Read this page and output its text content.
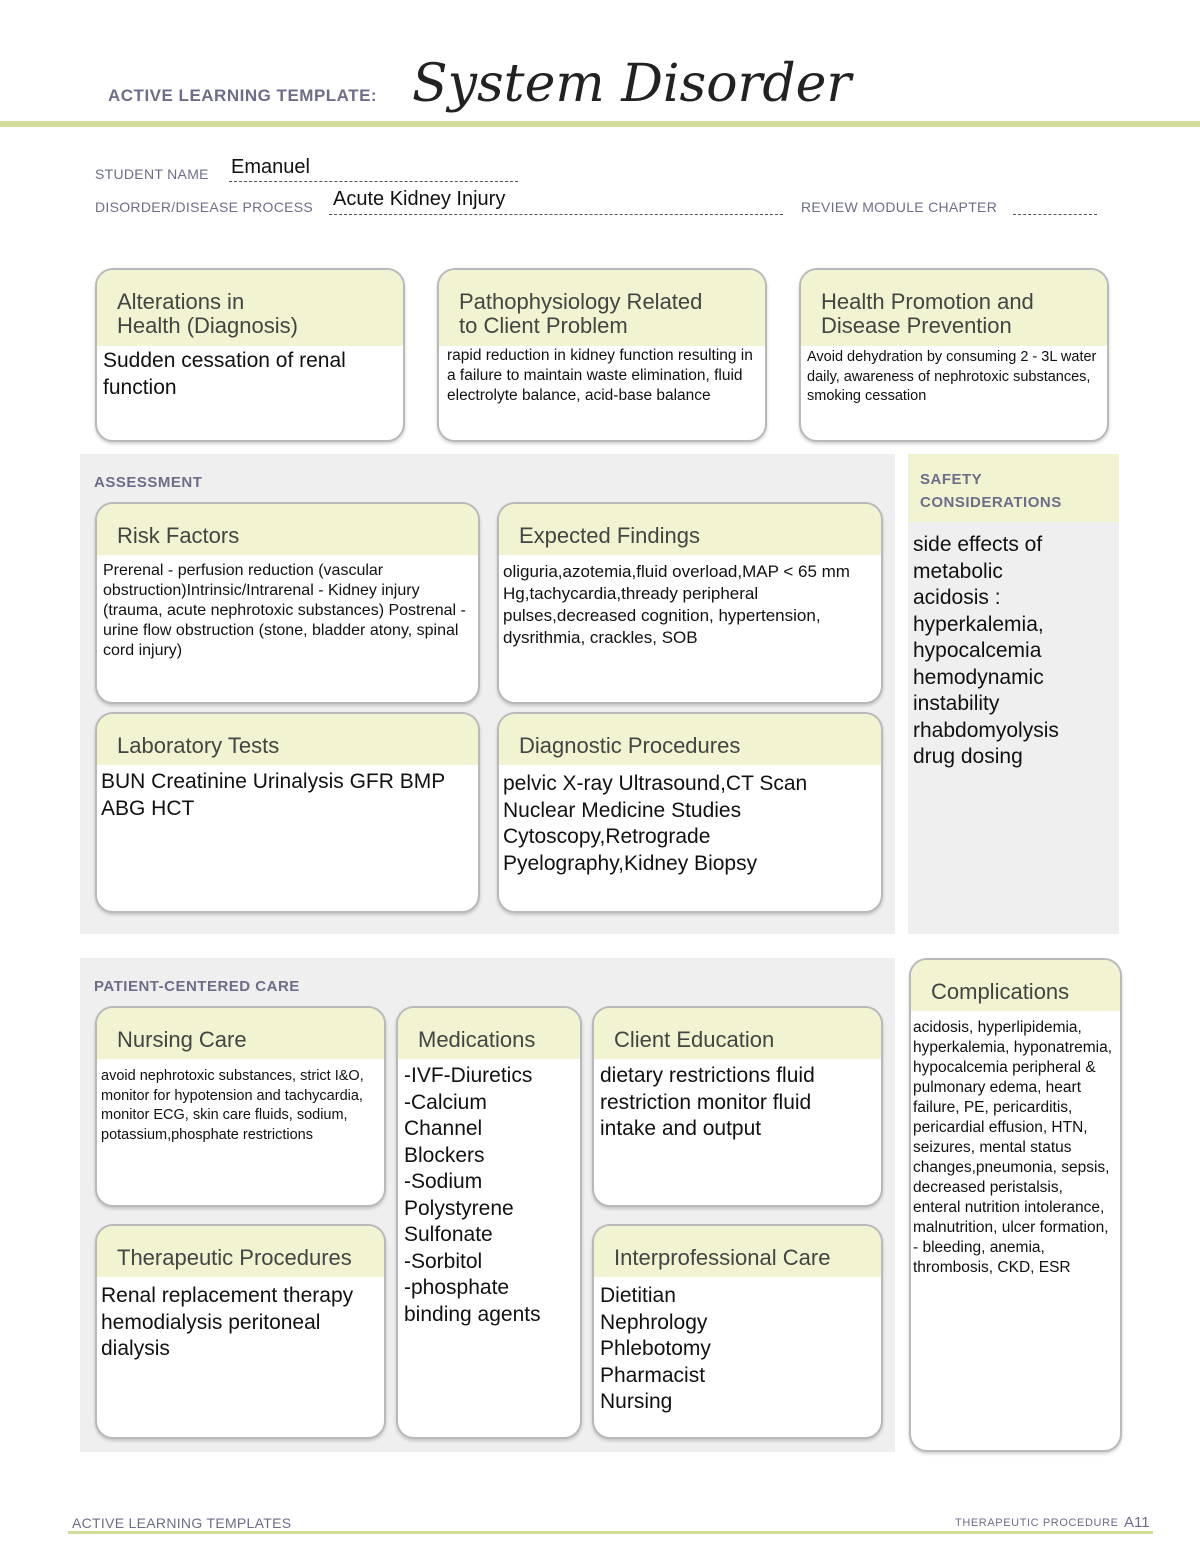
ACTIVE LEARNING TEMPLATE: System Disorder
STUDENT NAME Emanuel
DISORDER/DISEASE PROCESS Acute Kidney Injury	REVIEW MODULE CHAPTER
Alterations in
Health (Diagnosis)
Sudden cessation of renal function
Pathophysiology Related
to Client Problem
rapid reduction in kidney function resulting in a failure to maintain waste elimination, fluid electrolyte balance, acid-base balance
Health Promotion and
Disease Prevention
Avoid dehydration by consuming 2 - 3L water daily, awareness of nephrotoxic substances, smoking cessation
ASSESSMENT
Risk Factors
Prerenal - perfusion reduction (vascular obstruction)Intrinsic/Intrarenal - Kidney injury (trauma, acute nephrotoxic substances) Postrenal - urine flow obstruction (stone, bladder atony, spinal cord injury)
Expected Findings
oliguria,azotemia,fluid overload,MAP < 65 mm Hg,tachycardia,thready peripheral pulses,decreased cognition, hypertension, dysrithmia, crackles, SOB
Laboratory Tests
BUN Creatinine Urinalysis GFR BMP ABG HCT
Diagnostic Procedures
pelvic X-ray Ultrasound,CT Scan Nuclear Medicine Studies Cytoscopy,Retrograde Pyelography,Kidney Biopsy
SAFETY
CONSIDERATIONS
side effects of
metabolic
acidosis :
hyperkalemia,
hypocalcemia
hemodynamic
instability
rhabdomyolysis
drug dosing
PATIENT-CENTERED CARE
Nursing Care
avoid nephrotoxic substances, strict I&O, monitor for hypotension and tachycardia, monitor ECG, skin care fluids, sodium, potassium,phosphate restrictions
Medications
-IVF-Diuretics
-Calcium
Channel
Blockers
-Sodium
Polystyrene
Sulfonate
-Sorbitol
-phosphate
binding agents
Client Education
dietary restrictions fluid restriction monitor fluid intake and output
Therapeutic Procedures
Renal replacement therapy hemodialysis peritoneal dialysis
Interprofessional Care
Dietitian
Nephrology
Phlebotomy
Pharmacist
Nursing
Complications
acidosis, hyperlipidemia, hyperkalemia, hyponatremia, hypocalcemia peripheral & pulmonary edema, heart failure, PE, pericarditis, pericardial effusion, HTN, seizures, mental status changes,pneumonia, sepsis, decreased peristalsis, enteral nutrition intolerance, malnutrition, ulcer formation, - bleeding, anemia, thrombosis, CKD, ESR
ACTIVE LEARNING TEMPLATES	THERAPEUTIC PROCEDURE A11
